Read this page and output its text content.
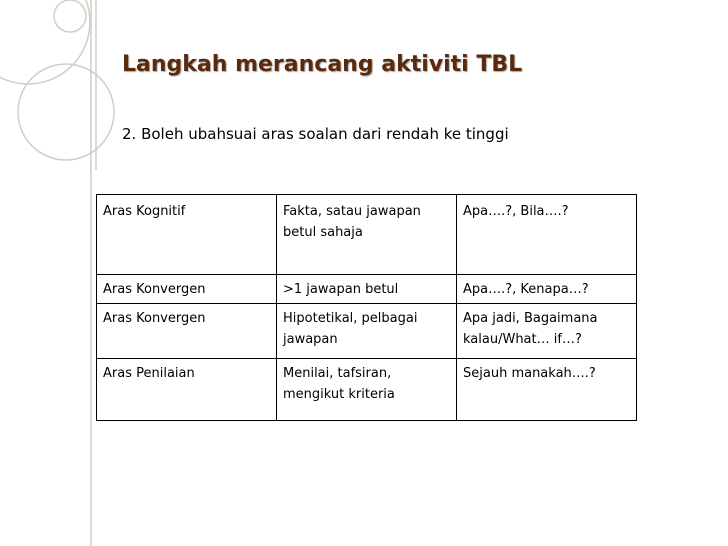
Langkah merancang aktiviti TBL
2. Boleh ubahsuai aras soalan dari rendah ke tinggi
Aras Kognitif	Fakta, satau jawapan betul sahaja	Apa….?, Bila….?
Aras Konvergen	>1 jawapan betul	Apa….?, Kenapa…?
Aras Konvergen	Hipotetikal, pelbagai jawapan	Apa jadi, Bagaimana kalau/What… if…?
Aras Penilaian	Menilai, tafsiran, mengikut kriteria	Sejauh manakah….?
